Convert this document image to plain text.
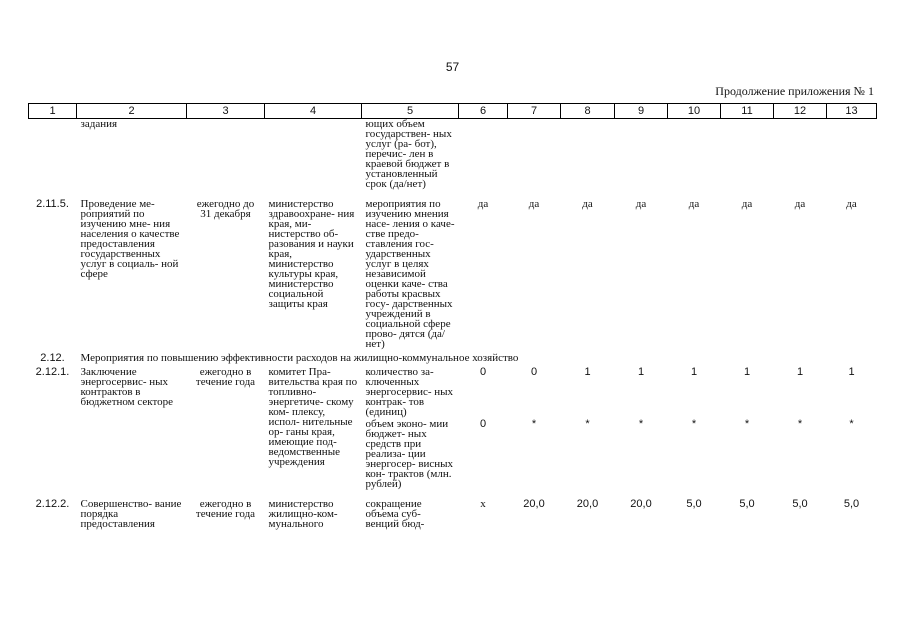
57
Продолжение приложения № 1
1	2	3	4	5	6	7	8	9	10	11	12	13
	задания			ющих объем государствен- ных услуг (ра- бот), перечис- лен в краевой бюджет в установленный срок (да/нет)								

2.11.5.	Проведение ме- роприятий по изучению мне- ния населения о качестве предоставления государственных услуг в социаль- ной сфере	ежегодно до 31 декабря	министерство здравоохране- ния края, ми- нистерство об- разования и науки края, министерство культуры края, министерство социальной защиты края	мероприятия по изучению мнения насе- ления о каче- стве предо- ставления гос- ударственных услуг в целях независимой оценки каче- ства работы красвых госу- дарственных учреждений в социальной сфере прово- дятся (да/нет)	да	да	да	да	да	да	да	да
2.12.	Мероприятия по повышению эффективности расходов на жилищно-коммунальное хозяйство											

2.12.1.	Заключение энергосервис- ных контрактов в бюджетном секторе	ежегодно в течение года	комитет Пра- вительства края по топливно- энергетиче- скому ком- плексу, испол- нительные ор- ганы края, имеющие под- ведомственные учреждения	количество за- ключенных энергосервис- ных контрак- тов (единиц)	0	0	1	1	1	1	1	1
				объем эконо- мии бюджет- ных средств при реализа- ции энергосер- висных кон- трактов (млн. рублей)	0	*	*	*	*	*	*	*

2.12.2.	Совершенство- вание порядка предоставления	ежегодно в течение года	министерство жилищно-ком- мунального	сокращение объема суб- венций бюд-	x	20,0	20,0	20,0	5,0	5,0	5,0	5,0
